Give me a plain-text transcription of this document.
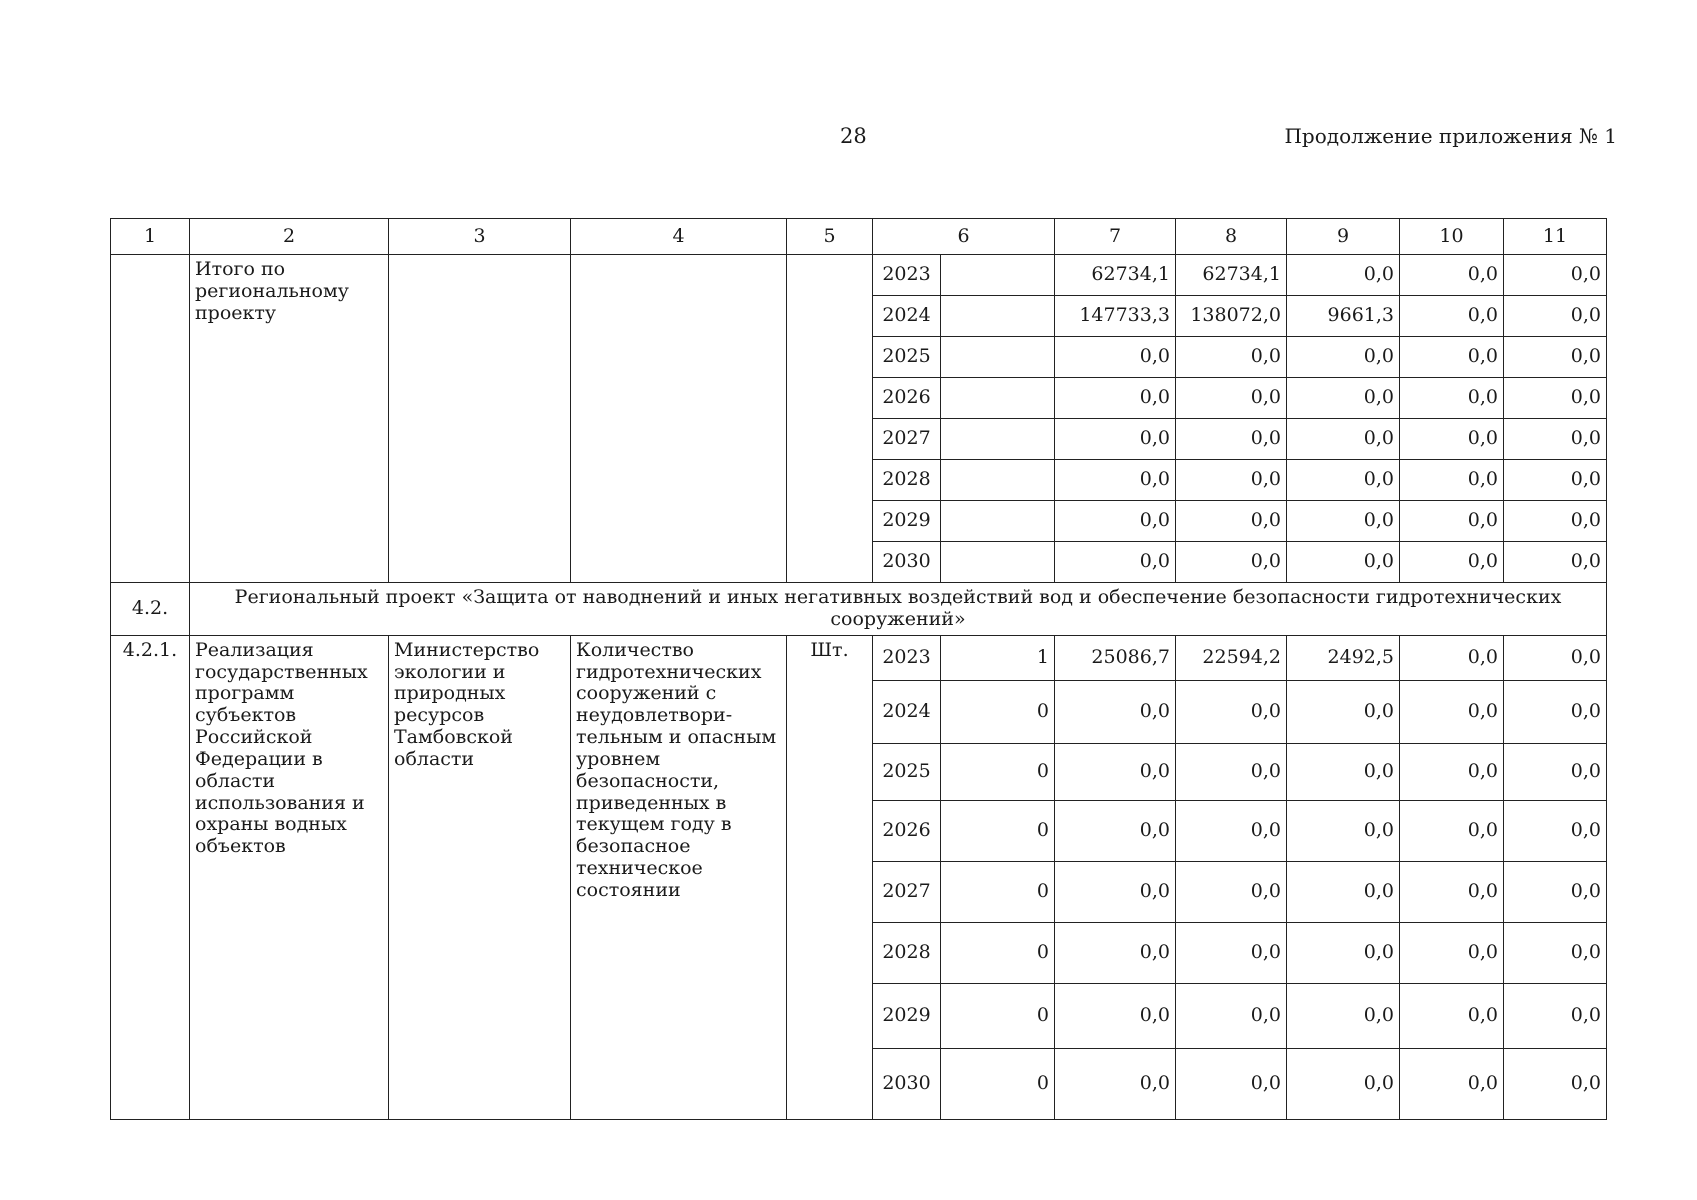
28	Продолжение приложения № 1
1	2	3	4	5	6		7	8	9	10	11
	Итого по региональному проекту				2023		62734,1	62734,1	0,0	0,0	0,0
					2024		147733,3	138072,0	9661,3	0,0	0,0
					2025		0,0	0,0	0,0	0,0	0,0
					2026		0,0	0,0	0,0	0,0	0,0
					2027		0,0	0,0	0,0	0,0	0,0
					2028		0,0	0,0	0,0	0,0	0,0
					2029		0,0	0,0	0,0	0,0	0,0
					2030		0,0	0,0	0,0	0,0	0,0
4.2.	Региональный проект «Защита от наводнений и иных негативных воздействий вод и обеспечение безопасности гидротехнических сооружений»										
4.2.1.	Реализация государственных программ субъектов Российской Федерации в области использования и охраны водных объектов	Министерство экологии и природных ресурсов Тамбовской области	Количество гидротехнических сооружений с неудовлетвори-тельным и опасным уровнем безопасности, приведенных в текущем году в безопасное техническое состоянии	Шт.	2023	1	25086,7	22594,2	2492,5	0,0	0,0
					2024	0	0,0	0,0	0,0	0,0	0,0
					2025	0	0,0	0,0	0,0	0,0	0,0
					2026	0	0,0	0,0	0,0	0,0	0,0
					2027	0	0,0	0,0	0,0	0,0	0,0
					2028	0	0,0	0,0	0,0	0,0	0,0
					2029	0	0,0	0,0	0,0	0,0	0,0
					2030	0	0,0	0,0	0,0	0,0	0,0
